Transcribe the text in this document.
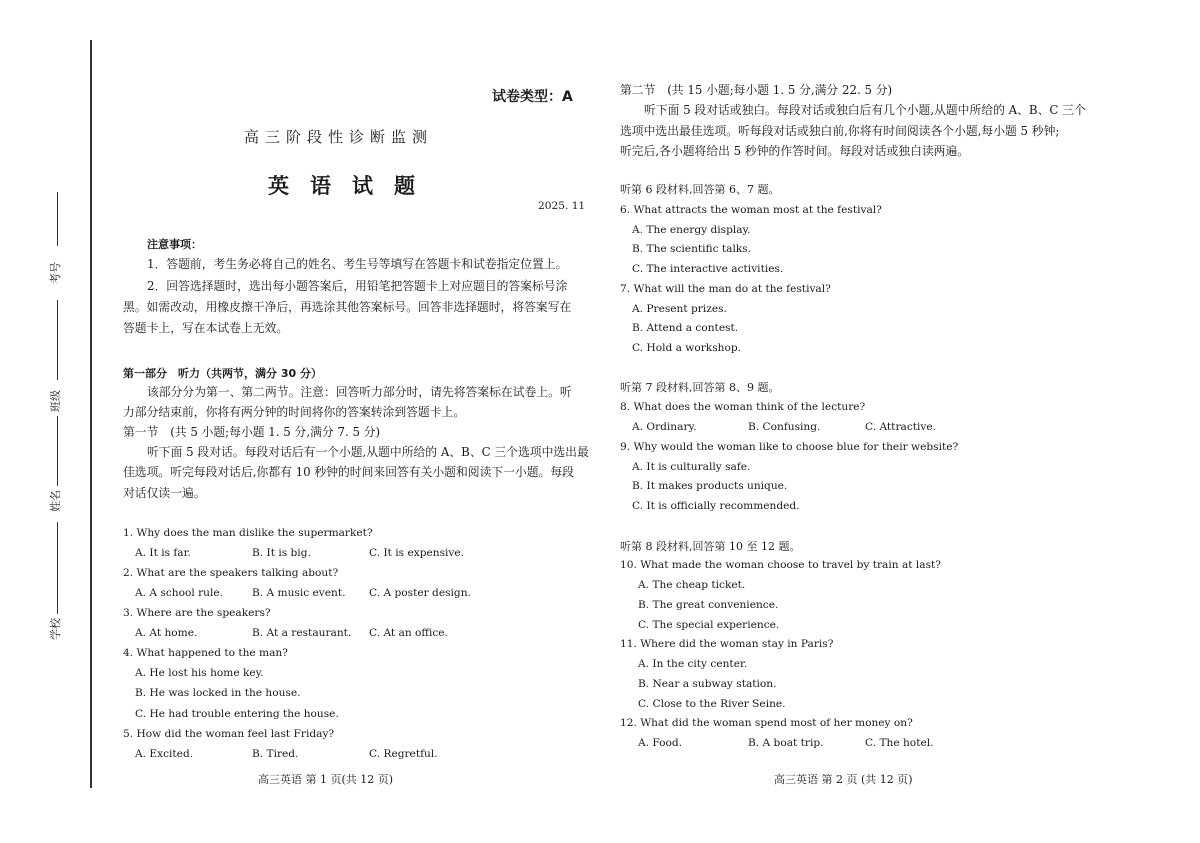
考号
班级
姓名
学校
试卷类型：A
高三阶段性诊断监测
英　语　试　题
2025. 11
注意事项：
1．答题前，考生务必将自己的姓名、考生号等填写在答题卡和试卷指定位置上。
2．回答选择题时，选出每小题答案后，用铅笔把答题卡上对应题目的答案标号涂
黑。如需改动，用橡皮擦干净后，再选涂其他答案标号。回答非选择题时，将答案写在
答题卡上，写在本试卷上无效。
第一部分　听力（共两节，满分 30 分）
该部分分为第一、第二两节。注意：回答听力部分时，请先将答案标在试卷上。听
力部分结束前，你将有两分钟的时间将你的答案转涂到答题卡上。
第一节　(共 5 小题;每小题 1. 5 分,满分 7. 5 分)
听下面 5 段对话。每段对话后有一个小题,从题中所给的 A、B、C 三个选项中选出最
佳选项。听完每段对话后,你都有 10 秒钟的时间来回答有关小题和阅读下一小题。每段
对话仅读一遍。
1. Why does the man dislike the supermarket?
A. It is far.	B. It is big.	C. It is expensive.
2. What are the speakers talking about?
A. A school rule.	B. A music event. C. A poster design.
3. Where are the speakers?
A. At home.	B. At a restaurant. C. At an office.
4. What happened to the man?
A. He lost his home key.
B. He was locked in the house.
C. He had trouble entering the house.
5. How did the woman feel last Friday?
A. Excited.	B. Tired.	C. Regretful.
高三英语 第 1 页(共 12 页)
第二节　(共 15 小题;每小题 1. 5 分,满分 22. 5 分)
听下面 5 段对话或独白。每段对话或独白后有几个小题,从题中所给的 A、B、C 三个
选项中选出最佳选项。听每段对话或独白前,你将有时间阅读各个小题,每小题 5 秒钟;
听完后,各小题将给出 5 秒钟的作答时间。每段对话或独白读两遍。
听第 6 段材料,回答第 6、7 题。
6. What attracts the woman most at the festival?
A. The energy display.
B. The scientific talks.
C. The interactive activities.
7. What will the man do at the festival?
A. Present prizes.
B. Attend a contest.
C. Hold a workshop.
听第 7 段材料,回答第 8、9 题。
8. What does the woman think of the lecture?
A. Ordinary.	B. Confusing.	C. Attractive.
9. Why would the woman like to choose blue for their website?
A. It is culturally safe.
B. It makes products unique.
C. It is officially recommended.
听第 8 段材料,回答第 10 至 12 题。
10. What made the woman choose to travel by train at last?
A. The cheap ticket.
B. The great convenience.
C. The special experience.
11. Where did the woman stay in Paris?
A. In the city center.
B. Near a subway station.
C. Close to the River Seine.
12. What did the woman spend most of her money on?
A. Food.	B. A boat trip.	C. The hotel.
高三英语 第 2 页 (共 12 页)
